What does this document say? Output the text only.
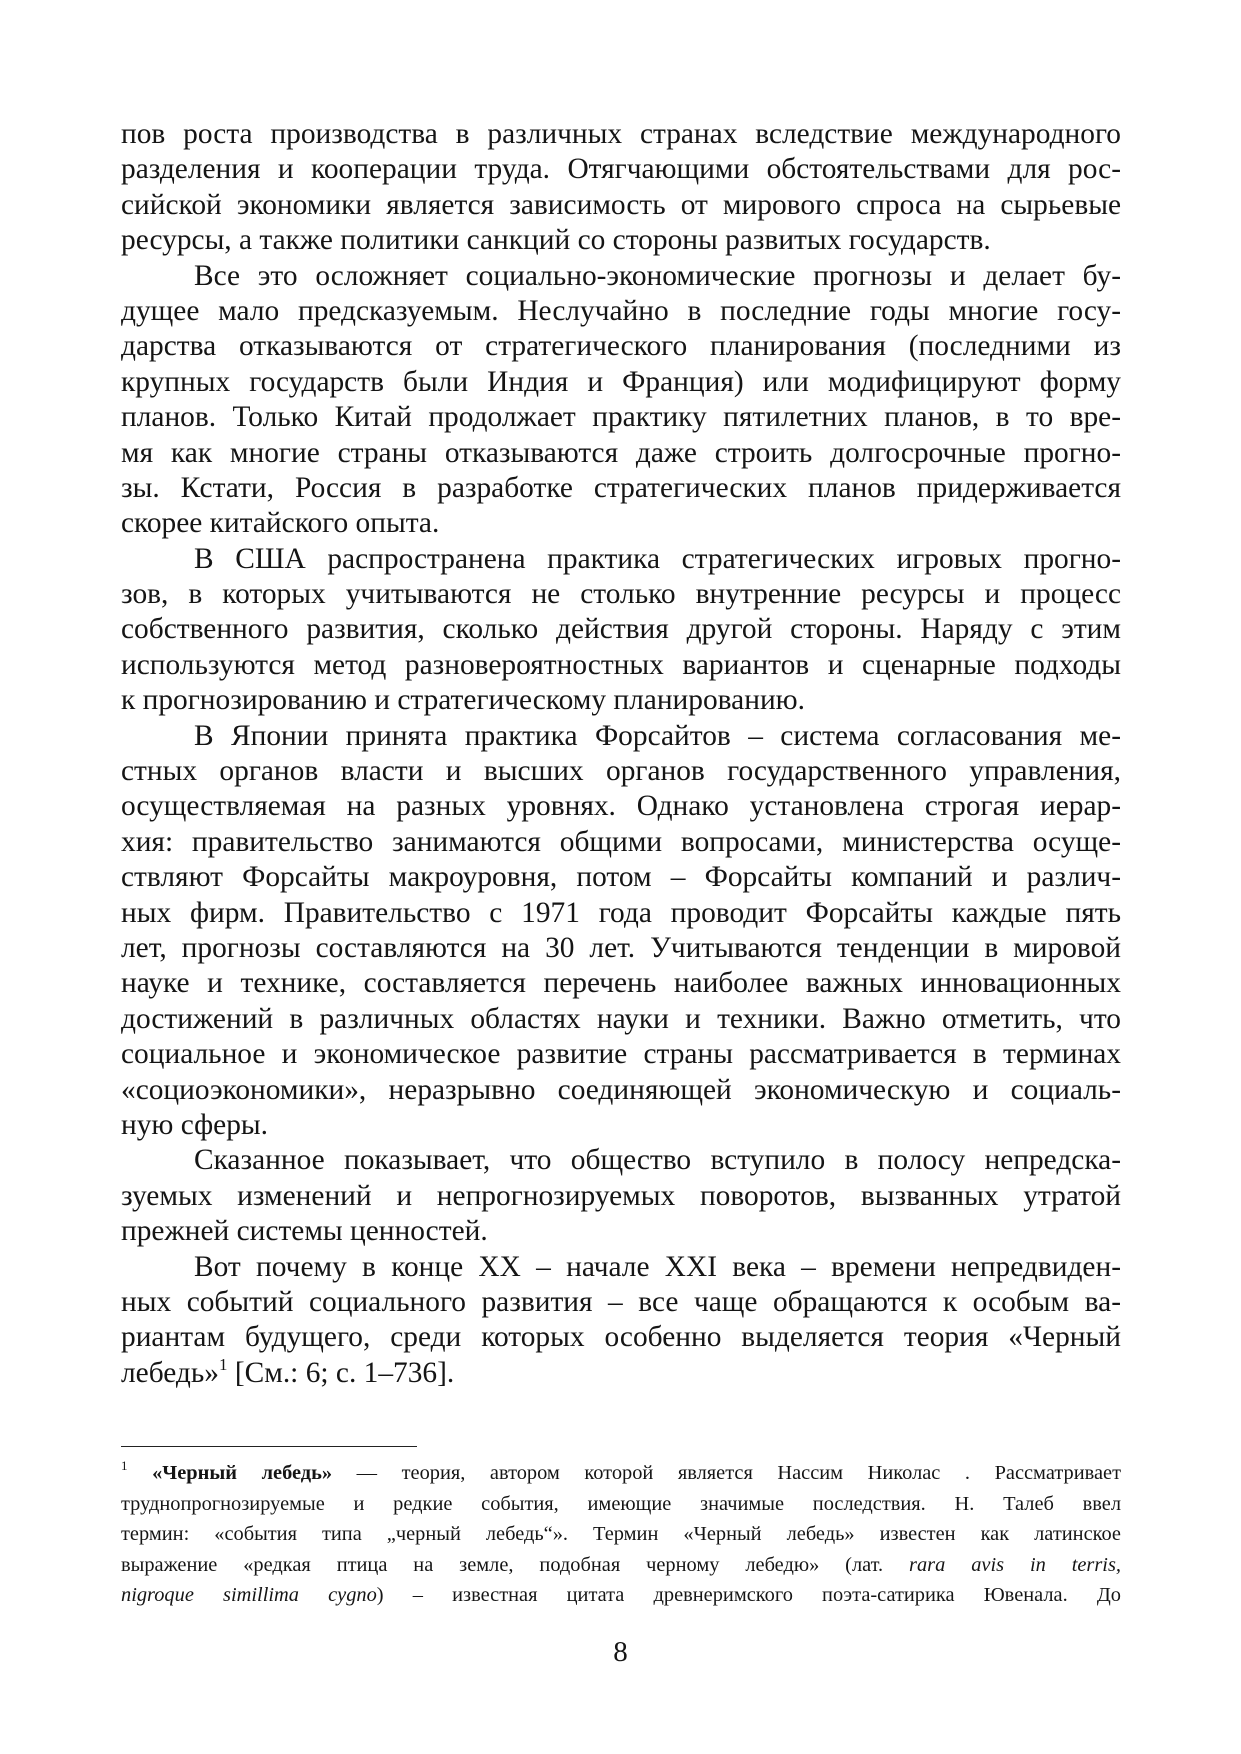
пов роста производства в различных странах вследствие международного
разделения и кооперации труда. Отягчающими обстоятельствами для рос-
сийской экономики является зависимость от мирового спроса на сырьевые
ресурсы, а также политики санкций со стороны развитых государств.
Все это осложняет социально-экономические прогнозы и делает бу-
дущее мало предсказуемым. Неслучайно в последние годы многие госу-
дарства отказываются от стратегического планирования (последними из
крупных государств были Индия и Франция) или модифицируют форму
планов. Только Китай продолжает практику пятилетних планов, в то вре-
мя как многие страны отказываются даже строить долгосрочные прогно-
зы. Кстати, Россия в разработке стратегических планов придерживается
скорее китайского опыта.
В США распространена практика стратегических игровых прогно-
зов, в которых учитываются не столько внутренние ресурсы и процесс
собственного развития, сколько действия другой стороны. Наряду с этим
используются метод разновероятностных вариантов и сценарные подходы
к прогнозированию и стратегическому планированию.
В Японии принята практика Форсайтов – система согласования ме-
стных органов власти и высших органов государственного управления,
осуществляемая на разных уровнях. Однако установлена строгая иерар-
хия: правительство занимаются общими вопросами, министерства осуще-
ствляют Форсайты макроуровня, потом – Форсайты компаний и различ-
ных фирм. Правительство с 1971 года проводит Форсайты каждые пять
лет, прогнозы составляются на 30 лет. Учитываются тенденции в мировой
науке и технике, составляется перечень наиболее важных инновационных
достижений в различных областях науки и техники. Важно отметить, что
социальное и экономическое развитие страны рассматривается в терминах
«социоэкономики», неразрывно соединяющей экономическую и социаль-
ную сферы.
Сказанное показывает, что общество вступило в полосу непредска-
зуемых изменений и непрогнозируемых поворотов, вызванных утратой
прежней системы ценностей.
Вот почему в конце XX – начале XXI века – времени непредвиден-
ных событий социального развития – все чаще обращаются к особым ва-
риантам будущего, среди которых особенно выделяется теория «Черный
лебедь»$^1$ [См.: 6; с. 1–736].
$^1$ «Черный лебедь» — теория, автором которой является Нассим Николас . Рассматривает
труднопрогнозируемые и редкие события, имеющие значимые последствия. Н. Талеб ввел
термин: «события типа „черный лебедь“». Термин «Черный лебедь» известен как латинское
выражение «редкая птица на земле, подобная черному лебедю» (лат. rara avis in terris,
nigroque simillima cygno) – известная цитата древнеримского поэта-сатирика Ювенала. До
8
